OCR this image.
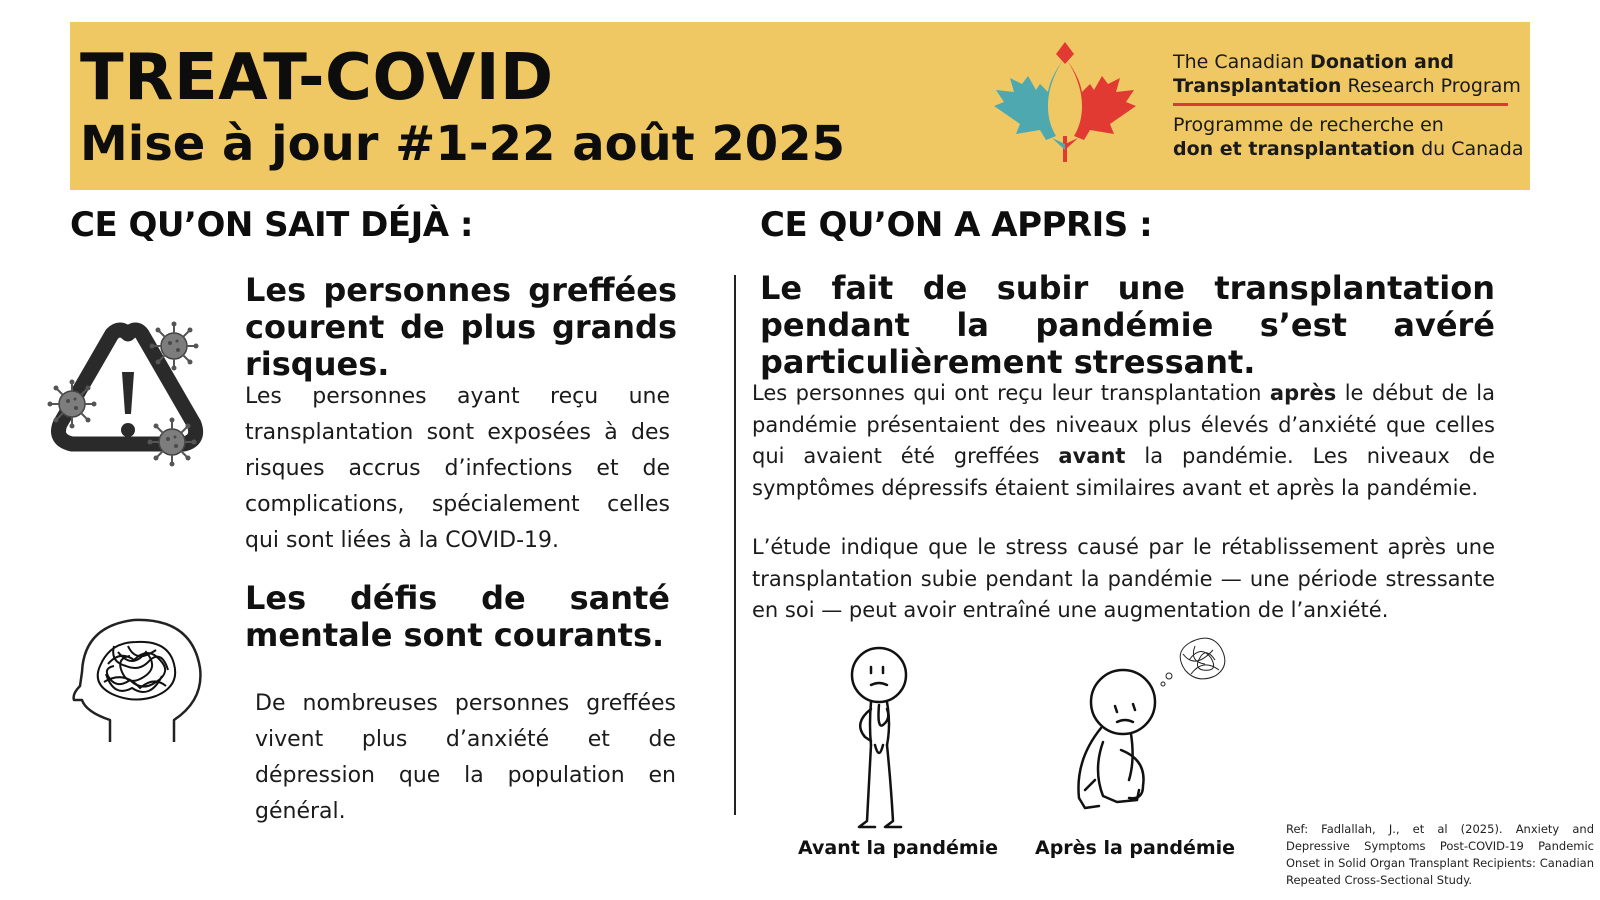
TREAT-COVID
Mise à jour #1-22 août 2025
The Canadian Donation and
Transplantation Research Program
Programme de recherche en
don et transplantation du Canada
CE QU’ON SAIT DÉJÀ :

Les personnes greffées courent de plus grands risques.

Les personnes ayant reçu une transplantation sont exposées à des risques accrus d’infections et de complications, spécialement celles qui sont liées à la COVID-19.

Les défis de santé mentale sont courants.

De nombreuses personnes greffées vivent plus d’anxiété et de dépression que la population en général.

CE QU’ON A APPRIS :

Le fait de subir une transplantation pendant la pandémie s’est avéré particulièrement stressant.

Les personnes qui ont reçu leur transplantation après le début de la pandémie présentaient des niveaux plus élevés d’anxiété que celles qui avaient été greffées avant la pandémie. Les niveaux de symptômes dépressifs étaient similaires avant et après la pandémie.

L’étude indique que le stress causé par le rétablissement après une transplantation subie pendant la pandémie — une période stressante en soi — peut avoir entraîné une augmentation de l’anxiété.

Avant la pandémie Après la pandémie

Ref: Fadlallah, J., et al (2025). Anxiety and Depressive Symptoms Post-COVID-19 Pandemic Onset in Solid Organ Transplant Recipients: Canadian Repeated Cross-Sectional Study.
